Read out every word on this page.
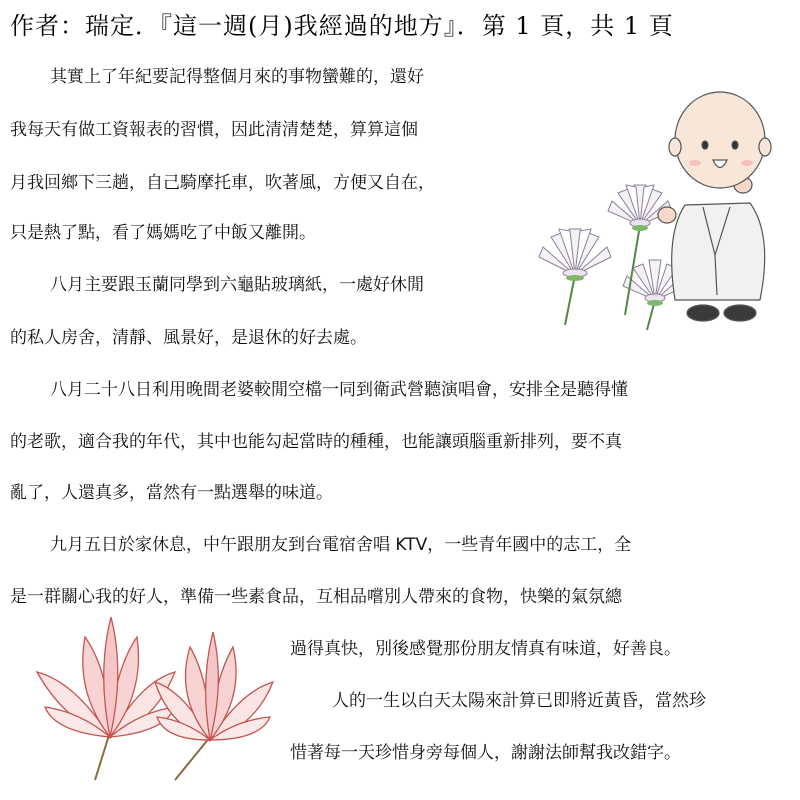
作者：瑞定．『這一週(月)我經過的地方』．第 1 頁，共 1 頁
其實上了年紀要記得整個月來的事物蠻難的，還好
我每天有做工資報表的習慣，因此清清楚楚，算算這個
月我回鄉下三趟，自己騎摩托車，吹著風，方便又自在，
只是熱了點，看了媽媽吃了中飯又離開。
八月主要跟玉蘭同學到六龜貼玻璃紙，一處好休閒
的私人房舍，清靜、風景好，是退休的好去處。
八月二十八日利用晚間老婆較閒空檔一同到衛武營聽演唱會，安排全是聽得懂
的老歌，適合我的年代，其中也能勾起當時的種種，也能讓頭腦重新排列，要不真
亂了，人還真多，當然有一點選舉的味道。
九月五日於家休息，中午跟朋友到台電宿舍唱 KTV，一些青年國中的志工，全
是一群關心我的好人，準備一些素食品，互相品嚐別人帶來的食物，快樂的氣氛總
過得真快，別後感覺那份朋友情真有味道，好善良。
人的一生以白天太陽來計算已即將近黃昏，當然珍
惜著每一天珍惜身旁每個人，謝謝法師幫我改錯字。
